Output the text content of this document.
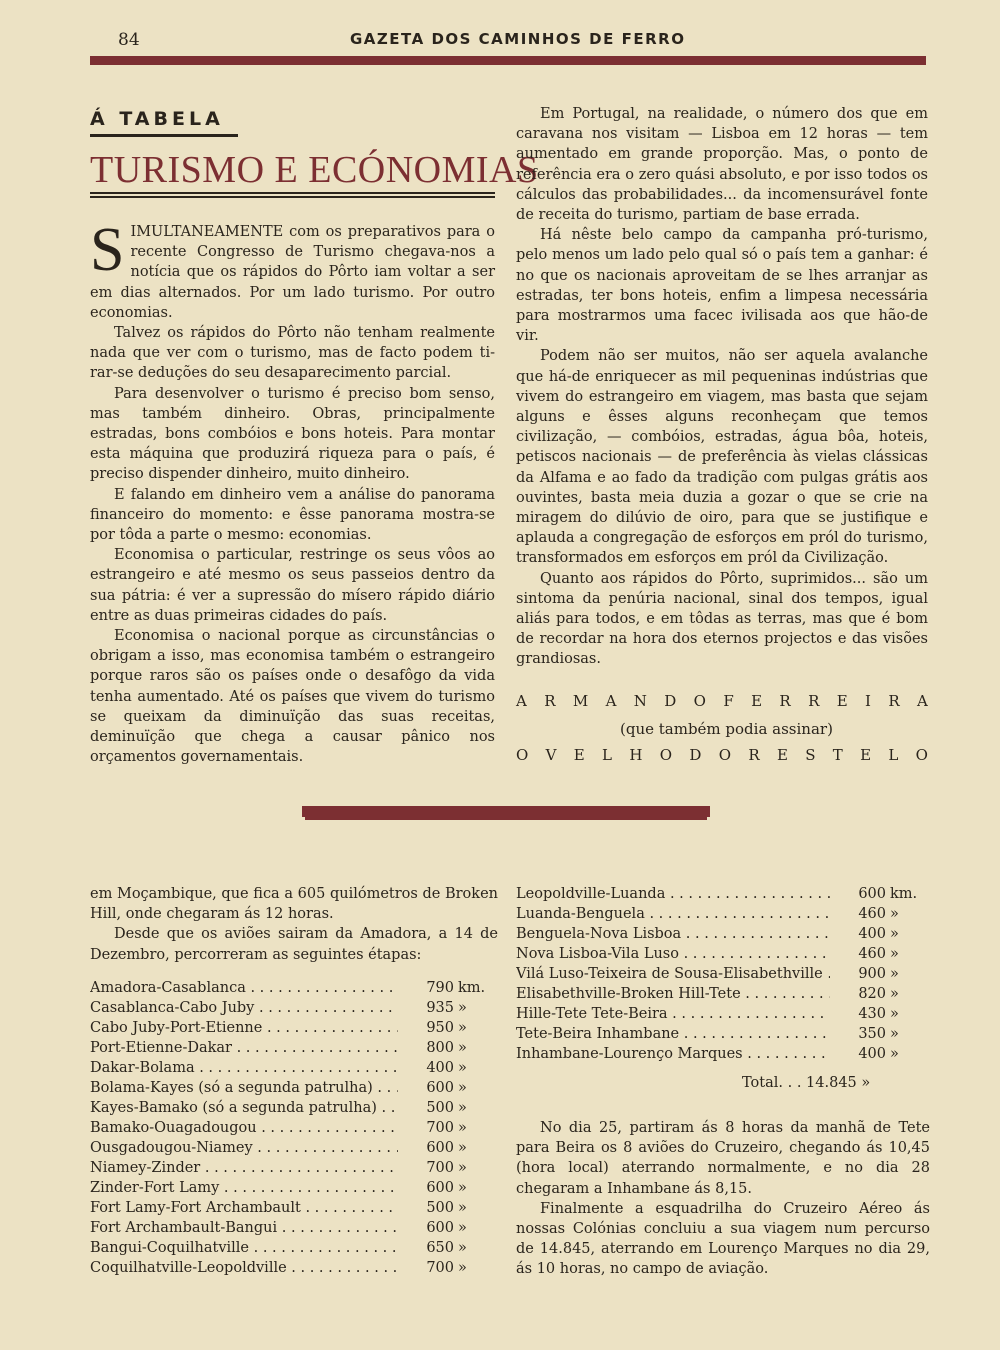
84	GAZETA DOS CAMINHOS DE FERRO
Á TABELA
TURISMO E ECÓNOMIAS

SIMULTANEAMENTE com os preparativos para o recente Congresso de Turismo chegava-nos a notícia que os rápidos do Pôrto iam voltar a ser em dias alternados. Por um lado turismo. Por outro economias.

Talvez os rápidos do Pôrto não tenham realmente nada que ver com o turismo, mas de facto podem ti-rar-se deduções do seu desaparecimento parcial.

Para desenvolver o turismo é preciso bom senso, mas também dinheiro. Obras, principalmente estradas, bons combóios e bons hoteis. Para montar esta máquina que produzirá riqueza para o país, é preciso dispender dinheiro, muito dinheiro.

E falando em dinheiro vem a análise do panorama financeiro do momento: e êsse panorama mostra-se por tôda a parte o mesmo: economias.

Economisa o particular, restringe os seus vôos ao estrangeiro e até mesmo os seus passeios dentro da sua pátria: é ver a supressão do mísero rápido diário entre as duas primeiras cidades do país.

Economisa o nacional porque as circunstâncias o obrigam a isso, mas economisa também o estrangeiro porque raros são os países onde o desafôgo da vida tenha aumentado. Até os países que vivem do turismo se queixam da diminuïção das suas receitas, deminuïção que chega a causar pânico nos orçamentos governamentais.

Em Portugal, na realidade, o número dos que em caravana nos visitam — Lisboa em 12 horas — tem aumentado em grande proporção. Mas, o ponto de referência era o zero quási absoluto, e por isso todos os cálculos das probabilidades... da incomensurável fonte de receita do turismo, partiam de base errada.

Há nêste belo campo da campanha pró-turismo, pelo menos um lado pelo qual só o país tem a ganhar: é no que os nacionais aproveitam de se lhes arranjar as estradas, ter bons hoteis, enfim a limpesa necessária para mostrarmos uma facec ivilisada aos que hão-de vir.

Podem não ser muitos, não ser aquela avalanche que há-de enriquecer as mil pequeninas indústrias que vivem do estrangeiro em viagem, mas basta que sejam alguns e êsses alguns reconheçam que temos civilização, — combóios, estradas, água bôa, hoteis, petiscos nacionais — de preferência às vielas clássicas da Alfama e ao fado da tradição com pulgas grátis aos ouvintes, basta meia duzia a gozar o que se crie na miragem do dilúvio de oiro, para que se justifique e aplauda a congregação de esforços em pról do turismo, transformados em esforços em pról da Civilização.

Quanto aos rápidos do Pôrto, suprimidos... são um sintoma da penúria nacional, sinal dos tempos, igual aliás para todos, e em tôdas as terras, mas que é bom de recordar na hora dos eternos projectos e das visões grandiosas.

A R M A N D O F E R R E I R A
(que também podia assinar)
O V E L H O D O R E S T E L O

em Moçambique, que fica a 605 quilómetros de Broken Hill, onde chegaram ás 12 horas.

Desde que os aviões sairam da Amadora, a 14 de Dezembro, percorreram as seguintes étapas:

Amadora-Casablanca . . .	790 km.
Casablanca-Cabo Juby . . .	935 »
Cabo Juby-Port-Etienne . . .	950 »
Port-Etienne-Dakar . . .	800 »
Dakar-Bolama . . .	400 »
Bolama-Kayes (só a segunda patrulha) . . .	600 »
Kayes-Bamako (só a segunda patrulha) . . .	500 »
Bamako-Ouagadougou . . .	700 »
Ousgadougou-Niamey . . .	600 »
Niamey-Zinder . . .	700 »
Zinder-Fort Lamy . . .	600 »
Fort Lamy-Fort Archambault . . .	500 »
Fort Archambault-Bangui . . .	600 »
Bangui-Coquilhatville . . .	650 »
Coquilhatville-Leopoldville . . .	700 »
Leopoldville-Luanda . . .	600 km.
Luanda-Benguela . . .	460 »
Benguela-Nova Lisboa . . .	400 »
Nova Lisboa-Vila Luso . . .	460 »
Vilá Luso-Teixeira de Sousa-Elisabethville . . .	900 »
Elisabethville-Broken Hill-Tete . . .	820 »
Hille-Tete Tete-Beira . . .	430 »
Tete-Beira Inhambane . . .	350 »
Inhambane-Lourenço Marques . . .	400 »
Total. . . 14.845 »

No dia 25, partiram ás 8 horas da manhã de Tete para Beira os 8 aviões do Cruzeiro, chegando ás 10,45 (hora local) aterrando normalmente, e no dia 28 chegaram a Inhambane ás 8,15.

Finalmente a esquadrilha do Cruzeiro Aéreo ás nossas Colónias concluiu a sua viagem num percurso de 14.845, aterrando em Lourenço Marques no dia 29, ás 10 horas, no campo de aviação.
